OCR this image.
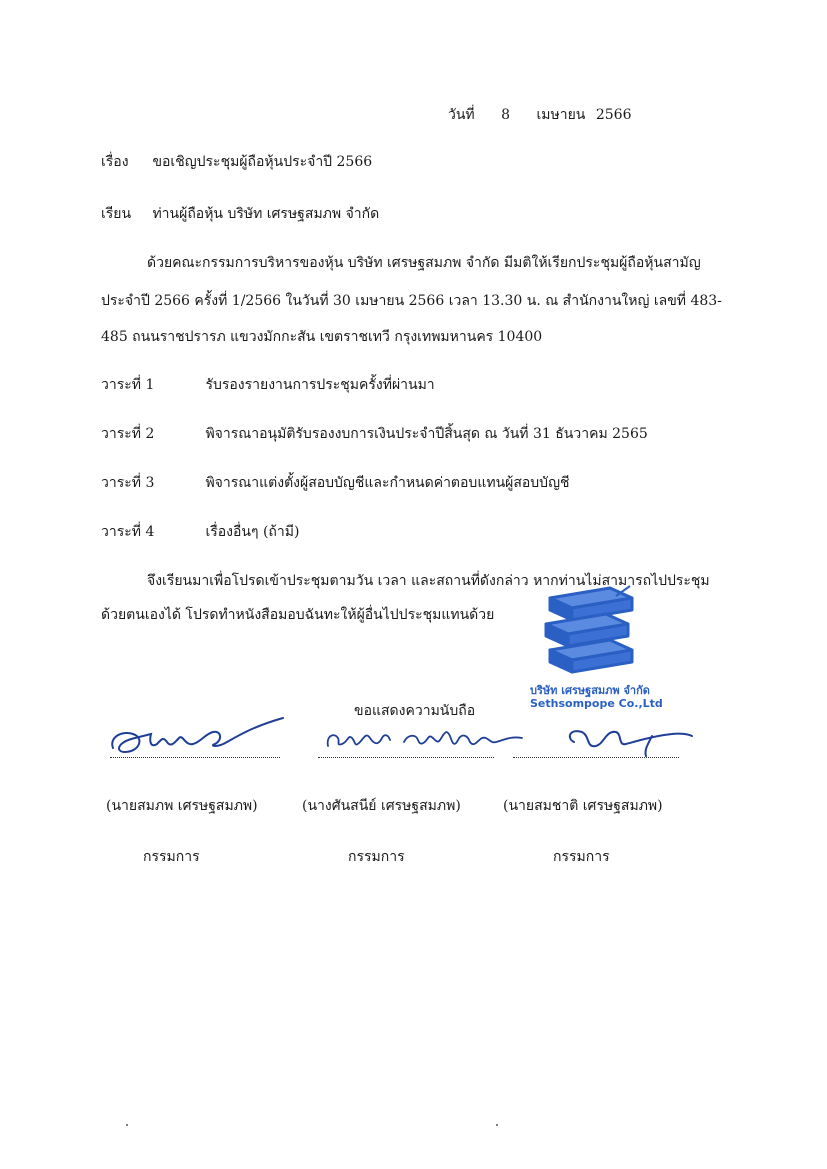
วันที่ 8 เมษายน 2566
เรื่อง ขอเชิญประชุมผู้ถือหุ้นประจำปี 2566
เรียน ท่านผู้ถือหุ้น บริษัท เศรษฐสมภพ จำกัด
ด้วยคณะกรรมการบริหารของหุ้น บริษัท เศรษฐสมภพ จำกัด มีมติให้เรียกประชุมผู้ถือหุ้นสามัญ
ประจำปี 2566 ครั้งที่ 1/2566 ในวันที่ 30 เมษายน 2566 เวลา 13.30 น. ณ สำนักงานใหญ่ เลขที่ 483-
485 ถนนราชปรารภ แขวงมักกะสัน เขตราชเทวี กรุงเทพมหานคร 10400
วาระที่ 1	รับรองรายงานการประชุมครั้งที่ผ่านมา
วาระที่ 2	พิจารณาอนุมัติรับรองงบการเงินประจำปีสิ้นสุด ณ วันที่ 31 ธันวาคม 2565
วาระที่ 3	พิจารณาแต่งตั้งผู้สอบบัญชีและกำหนดค่าตอบแทนผู้สอบบัญชี
วาระที่ 4	เรื่องอื่นๆ (ถ้ามี)
จึงเรียนมาเพื่อโปรดเข้าประชุมตามวัน เวลา และสถานที่ดังกล่าว หากท่านไม่สามารถไปประชุม
ด้วยตนเองได้ โปรดทำหนังสือมอบฉันทะให้ผู้อื่นไปประชุมแทนด้วย
ขอแสดงความนับถือ
บริษัท เศรษฐสมภพ จำกัด
Sethsompope Co.,Ltd
(นายสมภพ เศรษฐสมภพ)	(นางศันสนีย์ เศรษฐสมภพ)	(นายสมชาติ เศรษฐสมภพ)
กรรมการ	กรรมการ	กรรมการ
